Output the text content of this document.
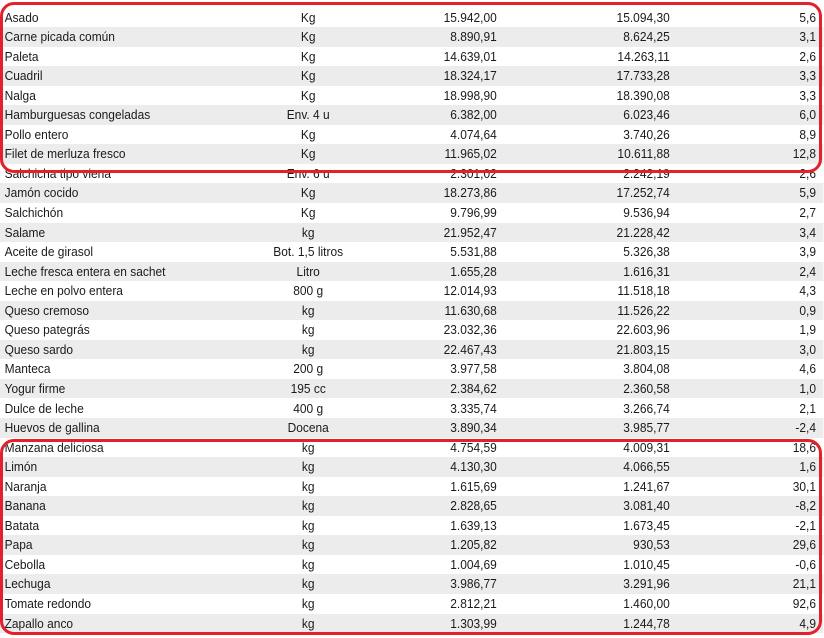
Asado	Kg	15.942,00	15.094,30	5,6
Carne picada común	Kg	8.890,91	8.624,25	3,1
Paleta	Kg	14.639,01	14.263,11	2,6
Cuadril	Kg	18.324,17	17.733,28	3,3
Nalga	Kg	18.998,90	18.390,08	3,3
Hamburguesas congeladas	Env. 4 u	6.382,00	6.023,46	6,0
Pollo entero	Kg	4.074,64	3.740,26	8,9
Filet de merluza fresco	Kg	11.965,02	10.611,88	12,8
Salchicha tipo viena	Env. 6 u	2.301,02	2.242,19	2,6
Jamón cocido	Kg	18.273,86	17.252,74	5,9
Salchichón	Kg	9.796,99	9.536,94	2,7
Salame	kg	21.952,47	21.228,42	3,4
Aceite de girasol	Bot. 1,5 litros	5.531,88	5.326,38	3,9
Leche fresca entera en sachet	Litro	1.655,28	1.616,31	2,4
Leche en polvo entera	800 g	12.014,93	11.518,18	4,3
Queso cremoso	kg	11.630,68	11.526,22	0,9
Queso pategrás	kg	23.032,36	22.603,96	1,9
Queso sardo	kg	22.467,43	21.803,15	3,0
Manteca	200 g	3.977,58	3.804,08	4,6
Yogur firme	195 cc	2.384,62	2.360,58	1,0
Dulce de leche	400 g	3.335,74	3.266,74	2,1
Huevos de gallina	Docena	3.890,34	3.985,77	-2,4
Manzana deliciosa	kg	4.754,59	4.009,31	18,6
Limón	kg	4.130,30	4.066,55	1,6
Naranja	kg	1.615,69	1.241,67	30,1
Banana	kg	2.828,65	3.081,40	-8,2
Batata	kg	1.639,13	1.673,45	-2,1
Papa	kg	1.205,82	930,53	29,6
Cebolla	kg	1.004,69	1.010,45	-0,6
Lechuga	kg	3.986,77	3.291,96	21,1
Tomate redondo	kg	2.812,21	1.460,00	92,6
Zapallo anco	kg	1.303,99	1.244,78	4,9
